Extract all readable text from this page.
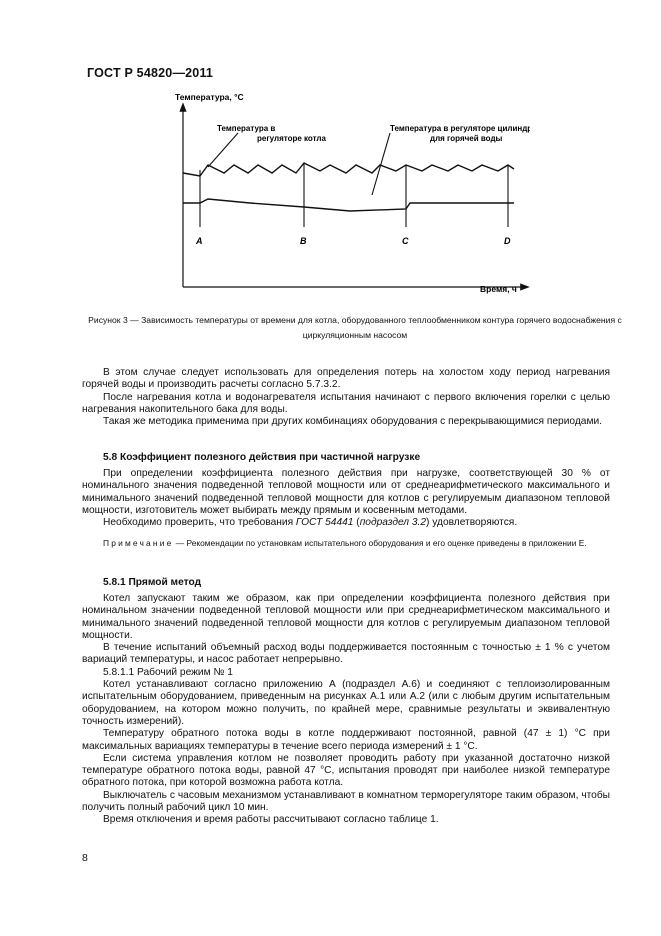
ГОСТ Р 54820—2011
Температура, °С
Время, ч
Температура в регуляторе котла
Температура в регуляторе цилиндра для горячей воды
A	B	C	D
Рисунок 3 — Зависимость температуры от времени для котла, оборудованного теплообменником контура горячего водоснабжения с циркуляционным насосом

В этом случае следует использовать для определения потерь на холостом ходу период нагревания горячей воды и производить расчеты согласно 5.7.3.2.

После нагревания котла и водонагревателя испытания начинают с первого включения горелки с целью нагревания накопительного бака для воды.

Такая же методика применима при других комбинациях оборудования с перекрывающимися периодами.

5.8 Коэффициент полезного действия при частичной нагрузке

При определении коэффициента полезного действия при нагрузке, соответствующей 30 % от номинального значения подведенной тепловой мощности или от среднеарифметического максимального и минимального значений подведенной тепловой мощности для котлов с регулируемым диапазоном тепловой мощности, изготовитель может выбирать между прямым и косвенным методами.

Необходимо проверить, что требования ГОСТ 54441 (подраздел 3.2) удовлетворяются.

Примечание — Рекомендации по установкам испытательного оборудования и его оценке приведены в приложении Е.

5.8.1 Прямой метод

Котел запускают таким же образом, как при определении коэффициента полезного действия при номинальном значении подведенной тепловой мощности или при среднеарифметическом максимального и минимального значений подведенной тепловой мощности для котлов с регулируемым диапазоном тепловой мощности.

В течение испытаний объемный расход воды поддерживается постоянным с точностью ± 1 % с учетом вариаций температуры, и насос работает непрерывно.

5.8.1.1 Рабочий режим № 1

Котел устанавливают согласно приложению А (подраздел А.6) и соединяют с теплоизолированным испытательным оборудованием, приведенным на рисунках А.1 или А.2 (или с любым другим испытательным оборудованием, на котором можно получить, по крайней мере, сравнимые результаты и эквивалентную точность измерений).

Температуру обратного потока воды в котле поддерживают постоянной, равной (47 ± 1) °С при максимальных вариациях температуры в течение всего периода измерений ± 1 °С.

Если система управления котлом не позволяет проводить работу при указанной достаточно низкой температуре обратного потока воды, равной 47 °С, испытания проводят при наиболее низкой температуре обратного потока, при которой возможна работа котла.

Выключатель с часовым механизмом устанавливают в комнатном терморегуляторе таким образом, чтобы получить полный рабочий цикл 10 мин.

Время отключения и время работы рассчитывают согласно таблице 1.

8
